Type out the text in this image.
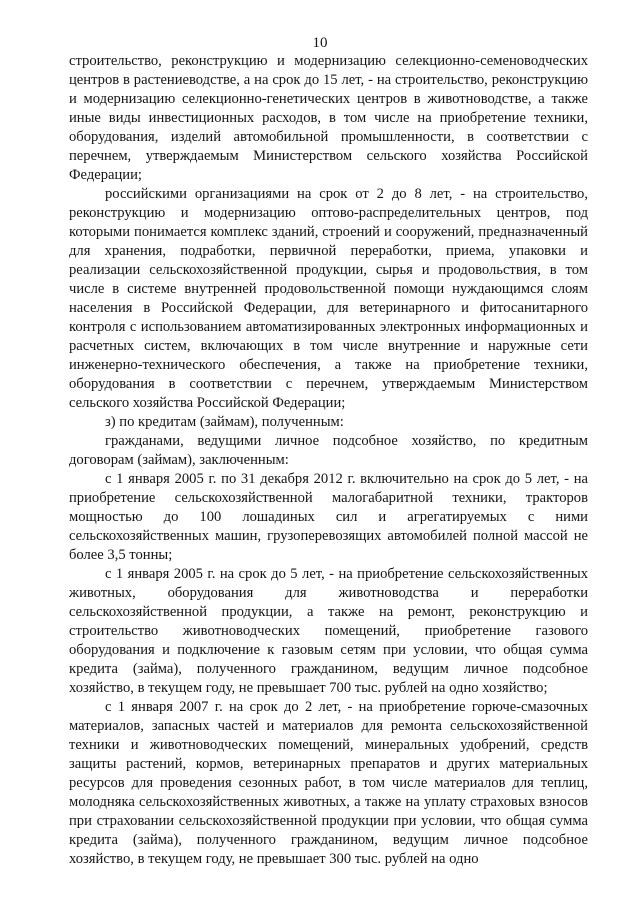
10

строительство, реконструкцию и модернизацию селекционно-семеноводческих центров в растениеводстве, а на срок до 15 лет, - на строительство, реконструкцию и модернизацию селекционно-генетических центров в животноводстве, а также иные виды инвестиционных расходов, в том числе на приобретение техники, оборудования, изделий автомобильной промышленности, в соответствии с перечнем, утверждаемым Министерством сельского хозяйства Российской Федерации;

российскими организациями на срок от 2 до 8 лет, - на строительство, реконструкцию и модернизацию оптово-распределительных центров, под которыми понимается комплекс зданий, строений и сооружений, предназначенный для хранения, подработки, первичной переработки, приема, упаковки и реализации сельскохозяйственной продукции, сырья и продовольствия, в том числе в системе внутренней продовольственной помощи нуждающимся слоям населения в Российской Федерации, для ветеринарного и фитосанитарного контроля с использованием автоматизированных электронных информационных и расчетных систем, включающих в том числе внутренние и наружные сети инженерно-технического обеспечения, а также на приобретение техники, оборудования в соответствии с перечнем, утверждаемым Министерством сельского хозяйства Российской Федерации;

з) по кредитам (займам), полученным:

гражданами, ведущими личное подсобное хозяйство, по кредитным договорам (займам), заключенным:

с 1 января 2005 г. по 31 декабря 2012 г. включительно на срок до 5 лет, - на приобретение сельскохозяйственной малогабаритной техники, тракторов мощностью до 100 лошадиных сил и агрегатируемых с ними сельскохозяйственных машин, грузоперевозящих автомобилей полной массой не более 3,5 тонны;

с 1 января 2005 г. на срок до 5 лет, - на приобретение сельскохозяйственных животных, оборудования для животноводства и переработки сельскохозяйственной продукции, а также на ремонт, реконструкцию и строительство животноводческих помещений, приобретение газового оборудования и подключение к газовым сетям при условии, что общая сумма кредита (займа), полученного гражданином, ведущим личное подсобное хозяйство, в текущем году, не превышает 700 тыс. рублей на одно хозяйство;

с 1 января 2007 г. на срок до 2 лет, - на приобретение горюче-смазочных материалов, запасных частей и материалов для ремонта сельскохозяйственной техники и животноводческих помещений, минеральных удобрений, средств защиты растений, кормов, ветеринарных препаратов и других материальных ресурсов для проведения сезонных работ, в том числе материалов для теплиц, молодняка сельскохозяйственных животных, а также на уплату страховых взносов при страховании сельскохозяйственной продукции при условии, что общая сумма кредита (займа), полученного гражданином, ведущим личное подсобное хозяйство, в текущем году, не превышает 300 тыс. рублей на одно
